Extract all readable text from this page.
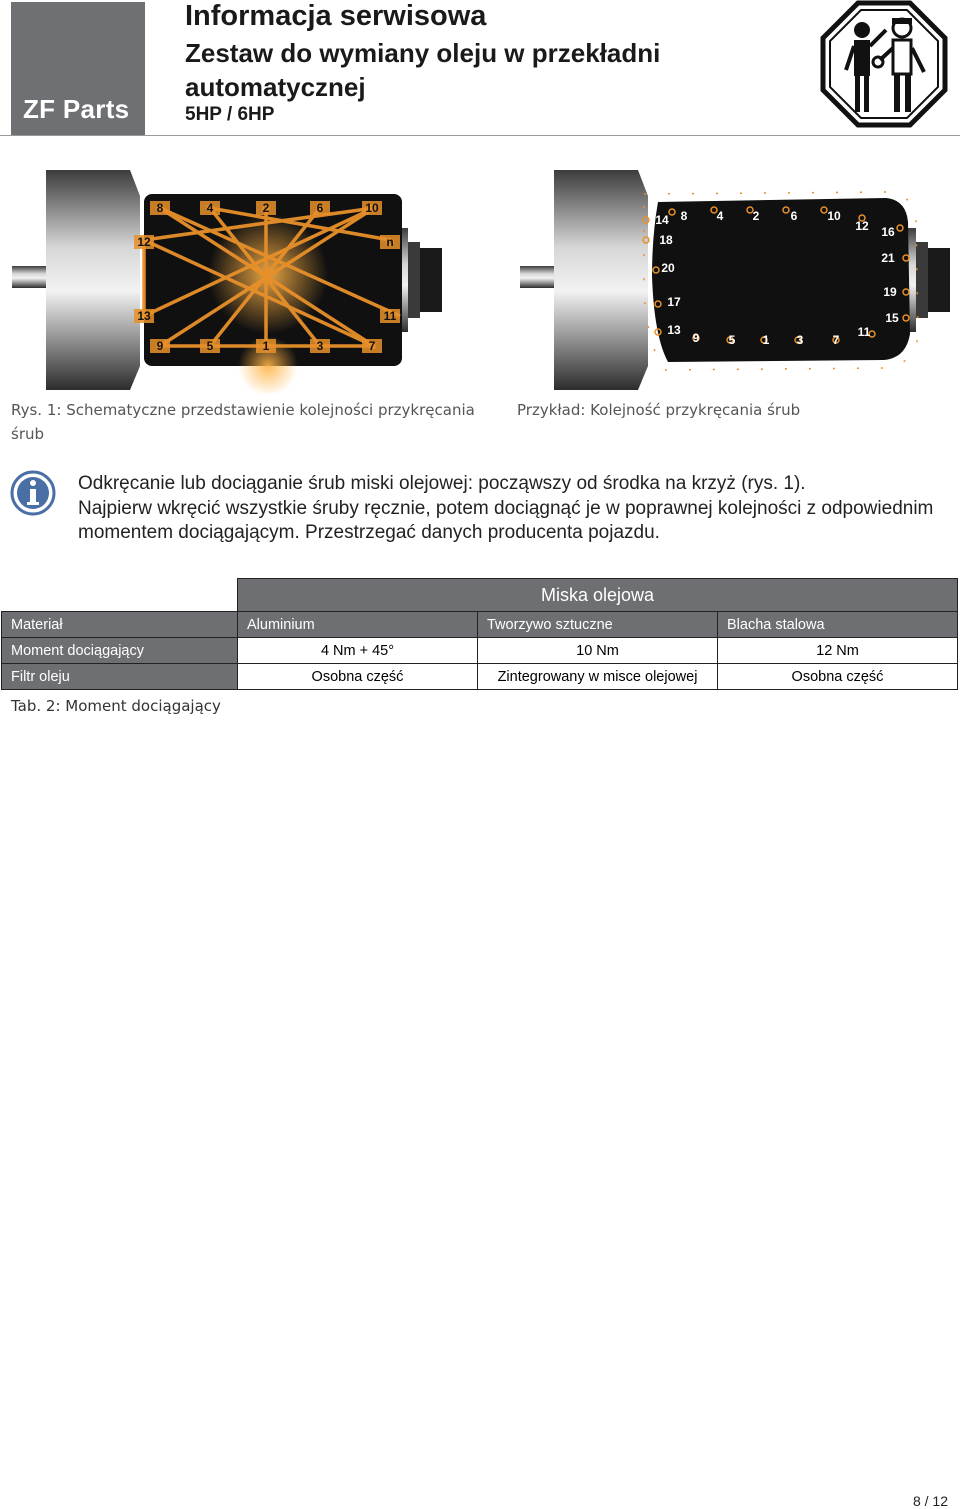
ZF Parts
Informacja serwisowa
Zestaw do wymiany oleju w przekładni automatycznej
5HP / 6HP
8	4	2	6	10
12	n
13	11
9	5	1	3	7
Rys. 1: Schematyczne przedstawienie kolejności przykręcania śrub
14 8 4 2	6 10
12 16
18
21
20
19
17
15
13
9 5 1 3 7
11
Przykład: Kolejność przykręcania śrub

Odkręcanie lub dociąganie śrub miski olejowej: począwszy od środka na krzyż (rys. 1).

Najpierw wkręcić wszystkie śruby ręcznie, potem dociągnąć je w poprawnej kolejności z odpowiednim momentem dociągającym. Przestrzegać danych producenta pojazdu.

	Miska olejowa		
Materiał	Aluminium	Tworzywo sztuczne	Blacha stalowa
Moment dociągający	4 Nm + 45°	10 Nm	12 Nm
Filtr oleju	Osobna część	Zintegrowany w misce olejowej	Osobna część
Tab. 2: Moment dociągający
8 / 12
